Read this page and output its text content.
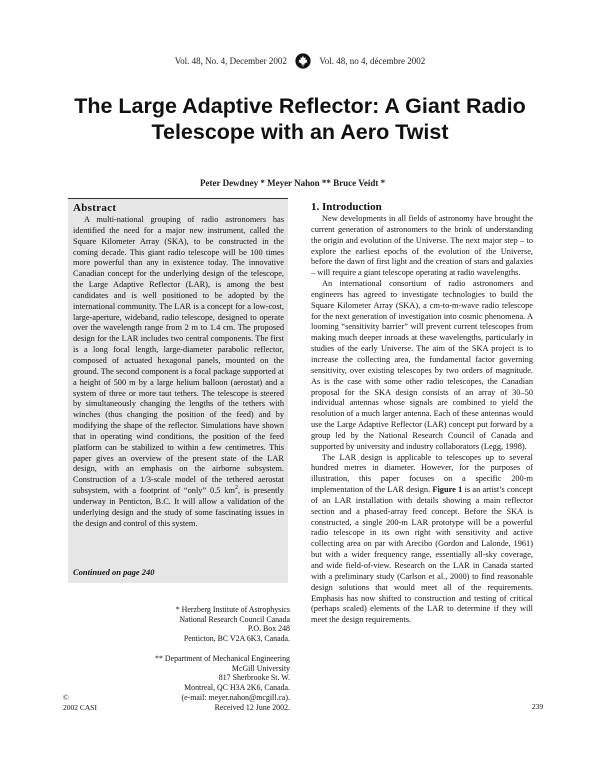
Vol. 48, No. 4, December 2002	Vol. 48, no 4, décembre 2002
The Large Adaptive Reflector: A Giant Radio Telescope with an Aero Twist
Peter Dewdney * Meyer Nahon ** Bruce Veidt *
Abstract
A multi-national grouping of radio astronomers has identified the need for a major new instrument, called the Square Kilometer Array (SKA), to be constructed in the coming decade. This giant radio telescope will be 100 times more powerful than any in existence today. The innovative Canadian concept for the underlying design of the telescope, the Large Adaptive Reflector (LAR), is among the best candidates and is well positioned to be adopted by the international community. The LAR is a concept for a low-cost, large-aperture, wideband, radio telescope, designed to operate over the wavelength range from 2 m to 1.4 cm. The proposed design for the LAR includes two central components. The first is a long focal length, large-diameter parabolic reflector, composed of actuated hexagonal panels, mounted on the ground. The second component is a focal package supported at a height of 500 m by a large helium balloon (aerostat) and a system of three or more taut tethers. The telescope is steered by simultaneously changing the lengths of the tethers with winches (thus changing the position of the feed) and by modifying the shape of the reflector. Simulations have shown that in operating wind conditions, the position of the feed platform can be stabilized to within a few centimetres. This paper gives an overview of the present state of the LAR design, with an emphasis on the airborne subsystem. Construction of a 1/3-scale model of the tethered aerostat subsystem, with a footprint of “only” 0.5 $km^2$, is presently underway in Penticton, B.C. It will allow a validation of the underlying design and the study of some fascinating issues in the design and control of this system.
Continued on page 240
* Herzberg Institute of Astrophysics
National Research Council Canada
P.O. Box 248
Penticton, BC V2A 6K3, Canada.
** Department of Mechanical Engineering
McGill University
817 Sherbrooke St. W.
Montreal, QC H3A 2K6, Canada.
(e-mail: meyer.nahon@mcgill.ca).
Received 12 June 2002.
©
2002 CASI	239
1. Introduction

New developments in all fields of astronomy have brought the current generation of astronomers to the brink of understanding the origin and evolution of the Universe. The next major step – to explore the earliest epochs of the evolution of the Universe, before the dawn of first light and the creation of stars and galaxies – will require a giant telescope operating at radio wavelengths.

An international consortium of radio astronomers and engineers has agreed to investigate technologies to build the Square Kilometer Array (SKA), a cm-to-m-wave radio telescope for the next generation of investigation into cosmic phenomena. A looming “sensitivity barrier” will prevent current telescopes from making much deeper inroads at these wavelengths, particularly in studies of the early Universe. The aim of the SKA project is to increase the collecting area, the fundamental factor governing sensitivity, over existing telescopes by two orders of magnitude. As is the case with some other radio telescopes, the Canadian proposal for the SKA design consists of an array of 30–50 individual antennas whose signals are combined to yield the resolution of a much larger antenna. Each of these antennas would use the Large Adaptive Reflector (LAR) concept put forward by a group led by the National Research Council of Canada and supported by university and industry collaborators (Legg, 1998).

The LAR design is applicable to telescopes up to several hundred metres in diameter. However, for the purposes of illustration, this paper focuses on a specific 200-m implementation of the LAR design. Figure 1 is an artist’s concept of an LAR installation with details showing a main reflector section and a phased-array feed concept. Before the SKA is constructed, a single 200-m LAR prototype will be a powerful radio telescope in its own right with sensitivity and active collecting area on par with Arecibo (Gordon and Lalonde, 1961) but with a wider frequency range, essentially all-sky coverage, and wide field-of-view. Research on the LAR in Canada started with a preliminary study (Carlson et al., 2000) to find reasonable design solutions that would meet all of the requirements. Emphasis has now shifted to construction and testing of critical (perhaps scaled) elements of the LAR to determine if they will meet the design requirements.
